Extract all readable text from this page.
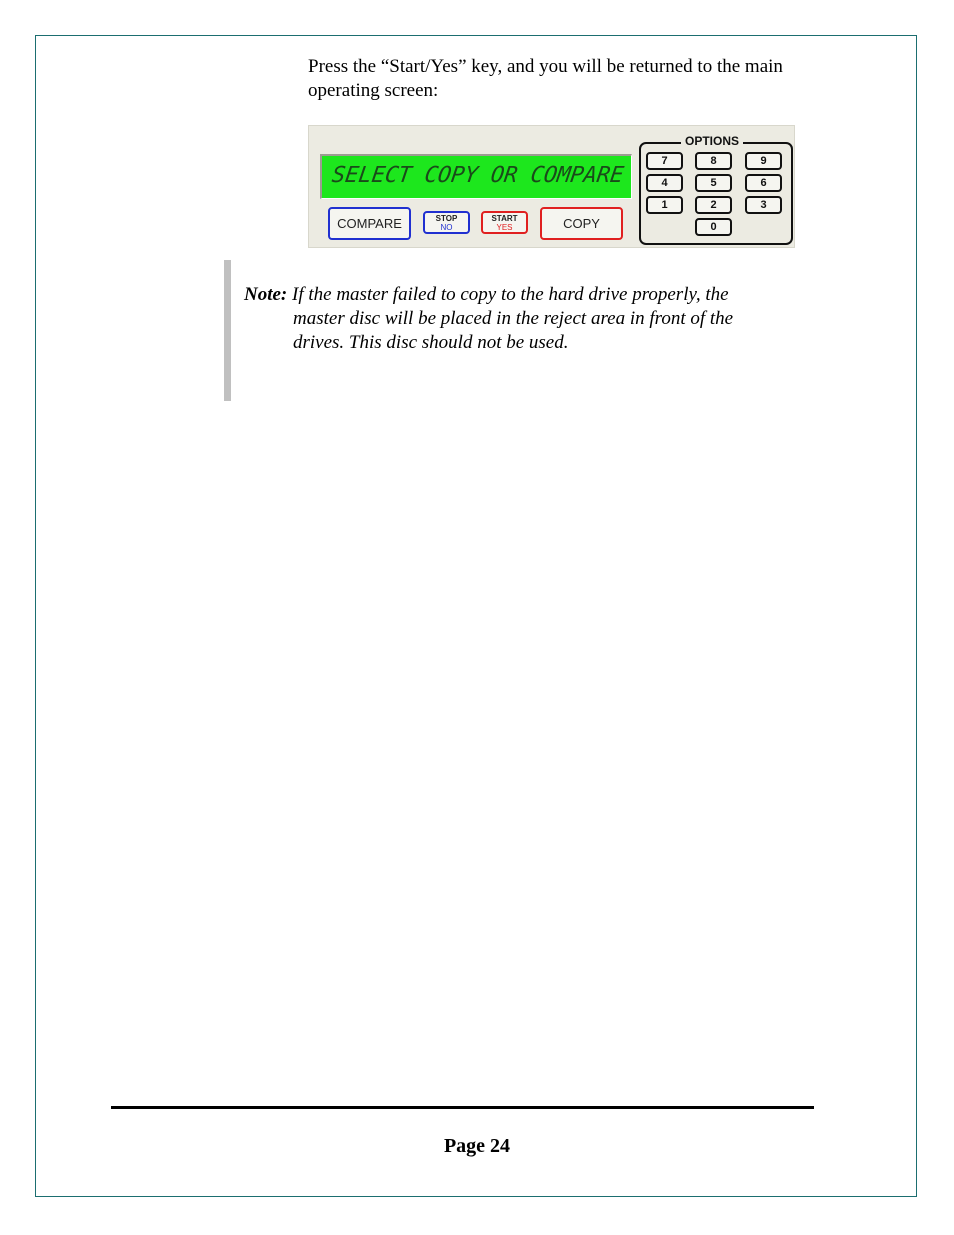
Press the “Start/Yes” key, and you will be returned to the main
operating screen:
SELECT COPY OR COMPARE
COMPARE	STOP
NO
START
YES	COPY
OPTIONS
7	8	9
4	5	6
1	2	3
0
Note: If the master failed to copy to the hard drive properly, the
master disc will be placed in the reject area in front of the
drives. This disc should not be used.
Page 24
